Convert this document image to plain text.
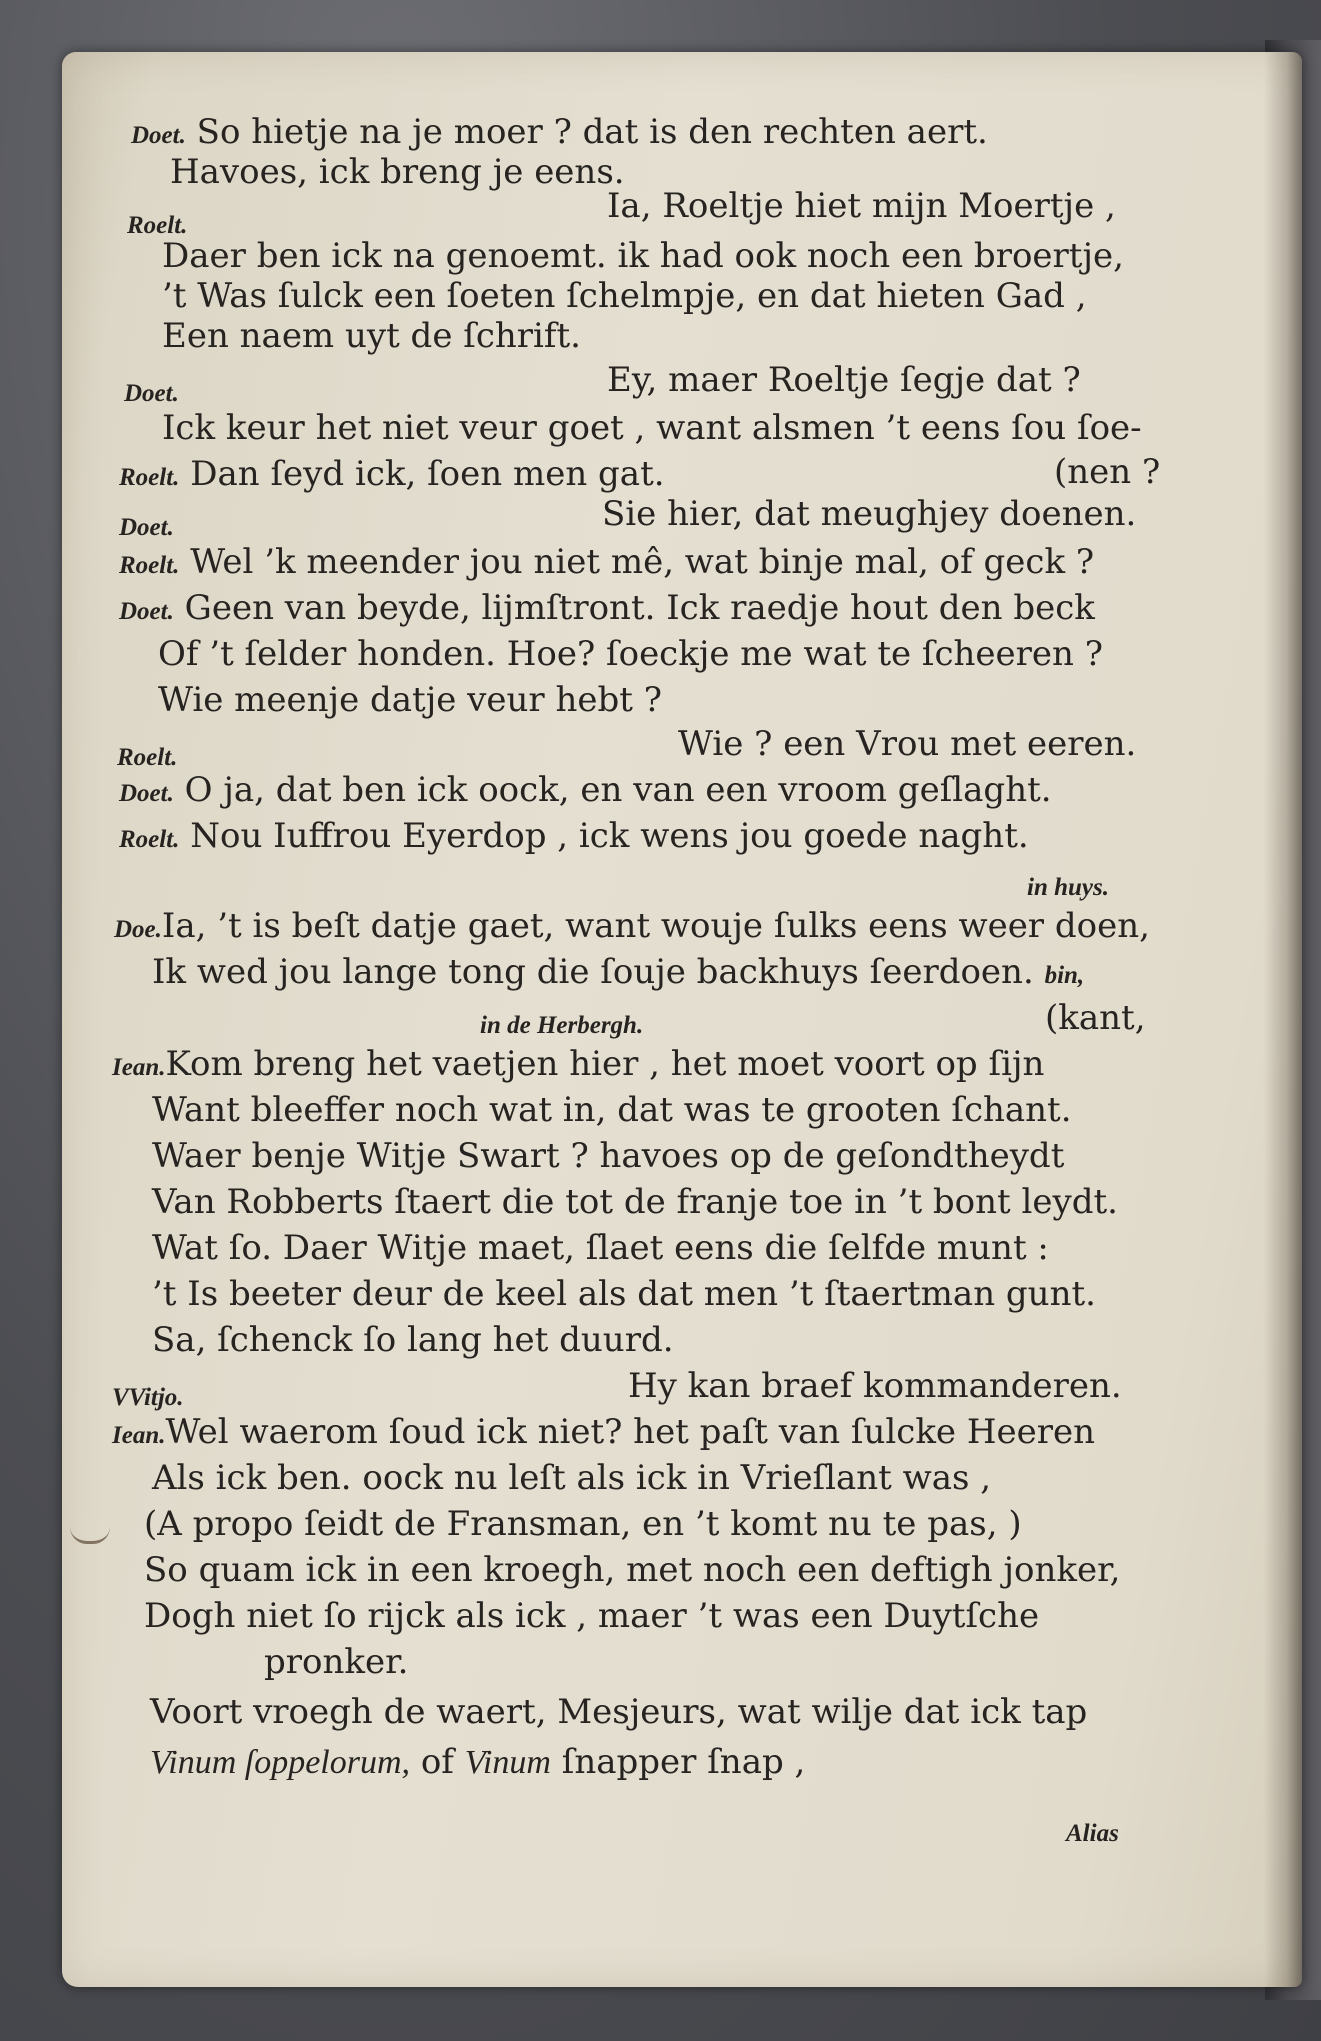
Doet. So hietje na je moer ? dat is den rechten aert.
Havoes, ick breng je eens.
Roelt.	Ia, Roeltje hiet mijn Moertje ,
Daer ben ick na genoemt. ik had ook noch een broertje,
’t Was ſulck een ſoeten ſchelmpje, en dat hieten Gad ,
Een naem uyt de ſchrift.
Doet.	Ey, maer Roeltje ſegje dat ?
Ick keur het niet veur goet , want alsmen ’t eens ſou ſoe-
Roelt. Dan ſeyd ick, ſoen men gat.	(nen ?
Doet.	Sie hier, dat meughjey doenen.
Roelt. Wel ’k meender jou niet mê, wat binje mal, of geck ?
Doet. Geen van beyde, lijmſtront. Ick raedje hout den beck
Of ’t ſelder honden. Hoe? ſoeckje me wat te ſcheeren ?
Wie meenje datje veur hebt ?
Roelt.	Wie ? een Vrou met eeren.
Doet. O ja, dat ben ick oock, en van een vroom geſlaght.
Roelt. Nou Iuffrou Eyerdop , ick wens jou goede naght.
in huys.
Doe.Ia, ’t is beſt datje gaet, want wouje ſulks eens weer doen,
Ik wed jou lange tong die ſouje backhuys ſeerdoen. bin,
in de Herbergh.	(kant,
Iean.Kom breng het vaetjen hier , het moet voort op ſijn
Want bleeffer noch wat in, dat was te grooten ſchant.
Waer benje Witje Swart ? havoes op de geſondtheydt
Van Robberts ſtaert die tot de franje toe in ’t bont leydt.
Wat ſo. Daer Witje maet, ſlaet eens die ſelfde munt :
’t Is beeter deur de keel als dat men ’t ſtaertman gunt.
Sa, ſchenck ſo lang het duurd.
VVitjo.	Hy kan braef kommanderen.
Iean.Wel waerom ſoud ick niet? het paſt van ſulcke Heeren
Als ick ben. oock nu leſt als ick in Vrieſlant was ,
(A propo ſeidt de Fransman, en ’t komt nu te pas, )
So quam ick in een kroegh, met noch een deftigh jonker,
Dogh niet ſo rijck als ick , maer ’t was een Duytſche
pronker.
Voort vroegh de waert, Mesjeurs, wat wilje dat ick tap
Vinum ſoppelorum, of Vinum ſnapper ſnap ,
Alias
